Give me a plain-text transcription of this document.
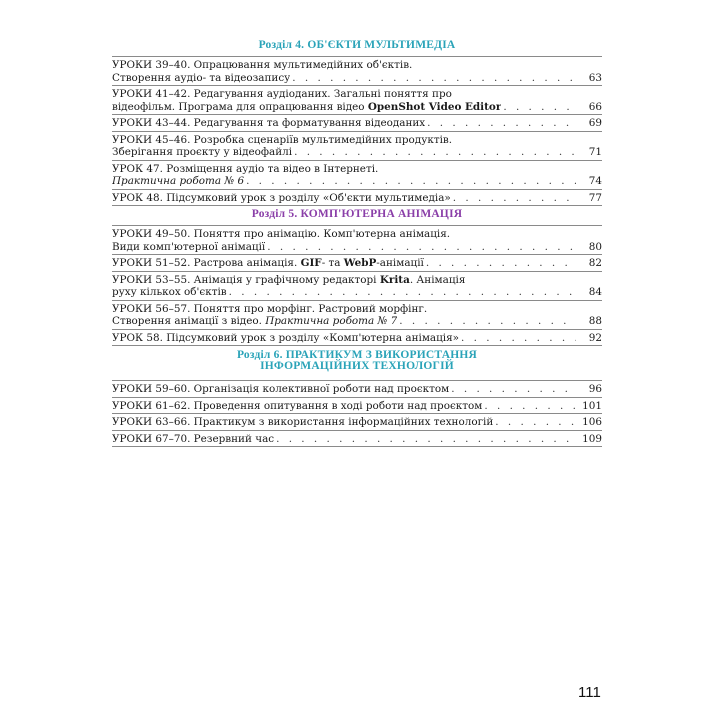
Розділ 4. ОБ'ЄКТИ МУЛЬТИМЕДІА
УРОКИ 39–40. Опрацювання мультимедійних об'єктів.
Створення аудіо- та відеозапису . . .	63
УРОКИ 41–42. Редагування аудіоданих. Загальні поняття про
відеофільм. Програма для опрацювання відео OpenShot Video Editor . . .	66
УРОКИ 43–44. Редагування та форматування відеоданих . . .	69
УРОКИ 45–46. Розробка сценаріїв мультимедійних продуктів.
Зберігання проєкту у відеофайлі . . .	71
УРОК 47. Розміщення аудіо та відео в Інтернеті.
Практична робота № 6 . . .	74
УРОК 48. Підсумковий урок з розділу «Об'єкти мультимедіа» . . .	77
Розділ 5. КОМП'ЮТЕРНА АНІМАЦІЯ
УРОКИ 49–50. Поняття про анімацію. Комп'ютерна анімація.
Види комп'ютерної анімації . . .	80
УРОКИ 51–52. Растрова анімація. GIF- та WebP-анімації . . .	82
УРОКИ 53–55. Анімація у графічному редакторі Krita. Анімація
руху кількох об'єктів . . .	84
УРОКИ 56–57. Поняття про морфінг. Растровий морфінг.
Створення анімації з відео. Практична робота № 7 . . .	88
УРОК 58. Підсумковий урок з розділу «Комп'ютерна анімація» . . .	92
Розділ 6. ПРАКТИКУМ З ВИКОРИСТАННЯ
ІНФОРМАЦІЙНИХ ТЕХНОЛОГІЙ
УРОКИ 59–60. Організація колективної роботи над проєктом . . .	96
УРОКИ 61–62. Проведення опитування в ході роботи над проєктом . . .	101
УРОКИ 63–66. Практикум з використання інформаційних технологій . . .	106
УРОКИ 67–70. Резервний час . . .	109
111
